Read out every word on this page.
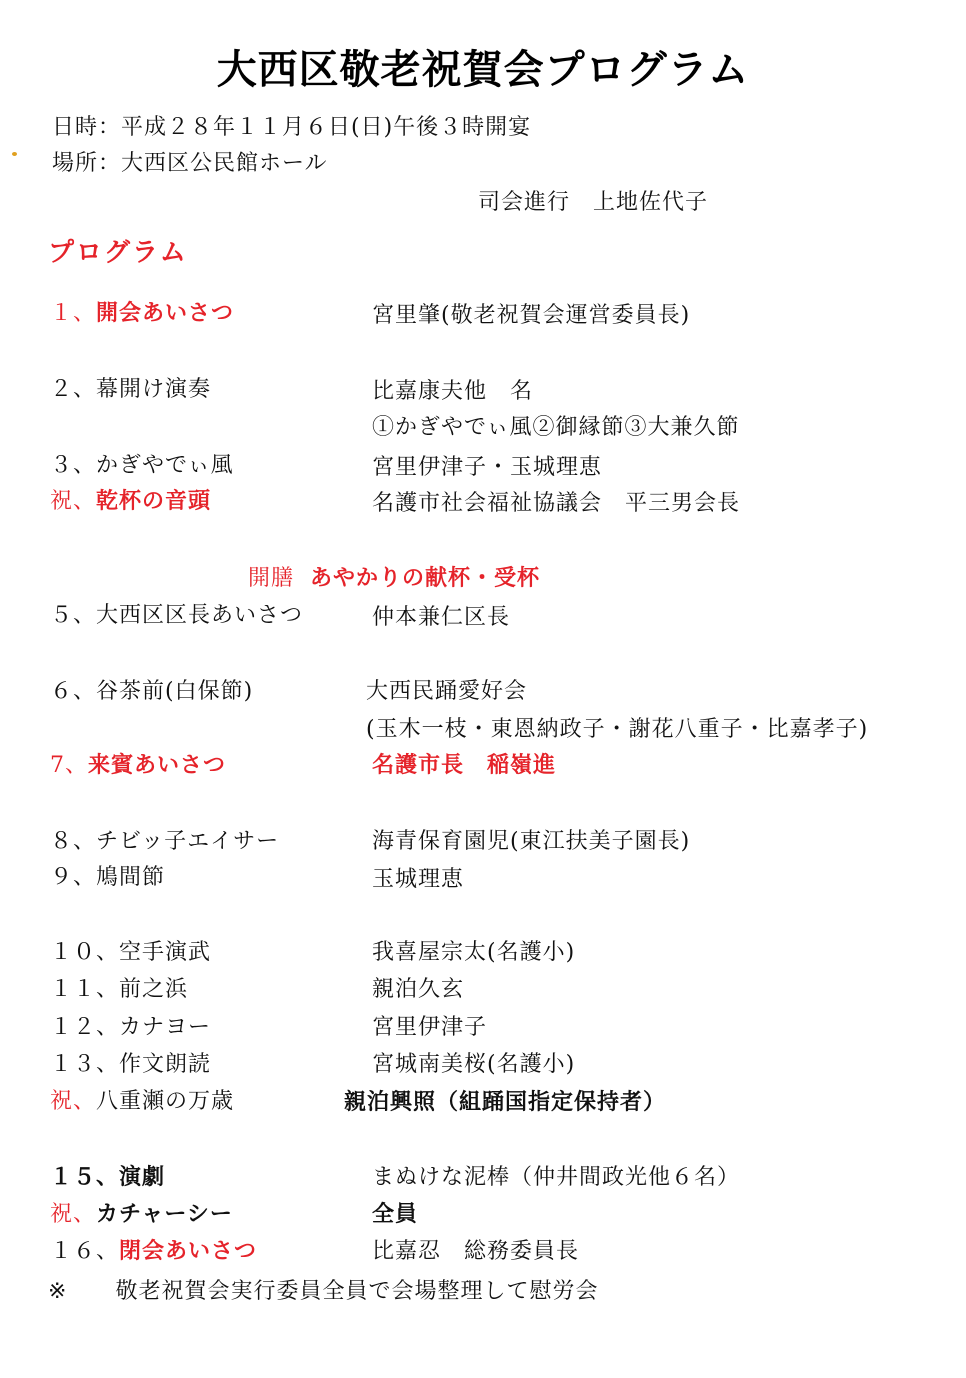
大西区敬老祝賀会プログラム
日時：平成２８年１１月６日(日)午後３時開宴
場所：大西区公民館ホール
司会進行　上地佐代子
プログラム
１、開会あいさつ	宮里肇(敬老祝賀会運営委員長)
２、幕開け演奏	比嘉康夫他　名
①かぎやでぃ風②御縁節③大兼久節
３、かぎやでぃ風	宮里伊津子・玉城理恵
祝、乾杯の音頭	名護市社会福祉協議会　平三男会長
開膳 あやかりの献杯・受杯
５、大西区区長あいさつ	仲本兼仁区長
６、谷茶前(白保節)	大西民踊愛好会
(玉木一枝・東恩納政子・謝花八重子・比嘉孝子)
7、来賓あいさつ	名護市長　稲嶺進
８、チビッ子エイサー	海青保育園児(東江扶美子園長)
９、鳩間節	玉城理恵
１０、空手演武	我喜屋宗太(名護小)
１１、前之浜	親泊久玄
１２、カナヨー	宮里伊津子
１３、作文朗読	宮城南美桜(名護小)
祝、八重瀬の万歳	親泊興照（組踊国指定保持者）
１５、演劇	まぬけな泥棒（仲井間政光他６名）
祝、カチャーシー	全員
１６、閉会あいさつ	比嘉忍　総務委員長
※ 敬老祝賀会実行委員全員で会場整理して慰労会
